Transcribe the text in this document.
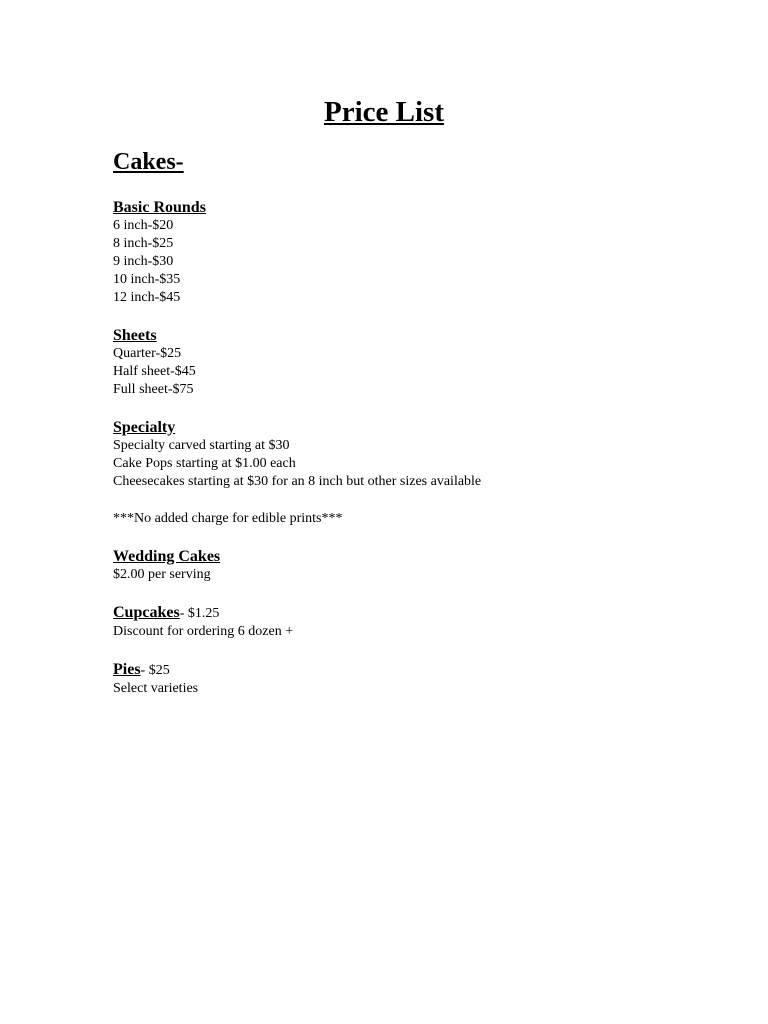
Price List
Cakes-
Basic Rounds
6 inch-$20
8 inch-$25
9 inch-$30
10 inch-$35
12 inch-$45
Sheets
Quarter-$25
Half sheet-$45
Full sheet-$75
Specialty
Specialty carved starting at $30
Cake Pops starting at $1.00 each
Cheesecakes starting at $30 for an 8 inch but other sizes available
***No added charge for edible prints***
Wedding Cakes
$2.00 per serving
Cupcakes- $1.25
Discount for ordering 6 dozen +
Pies- $25
Select varieties
